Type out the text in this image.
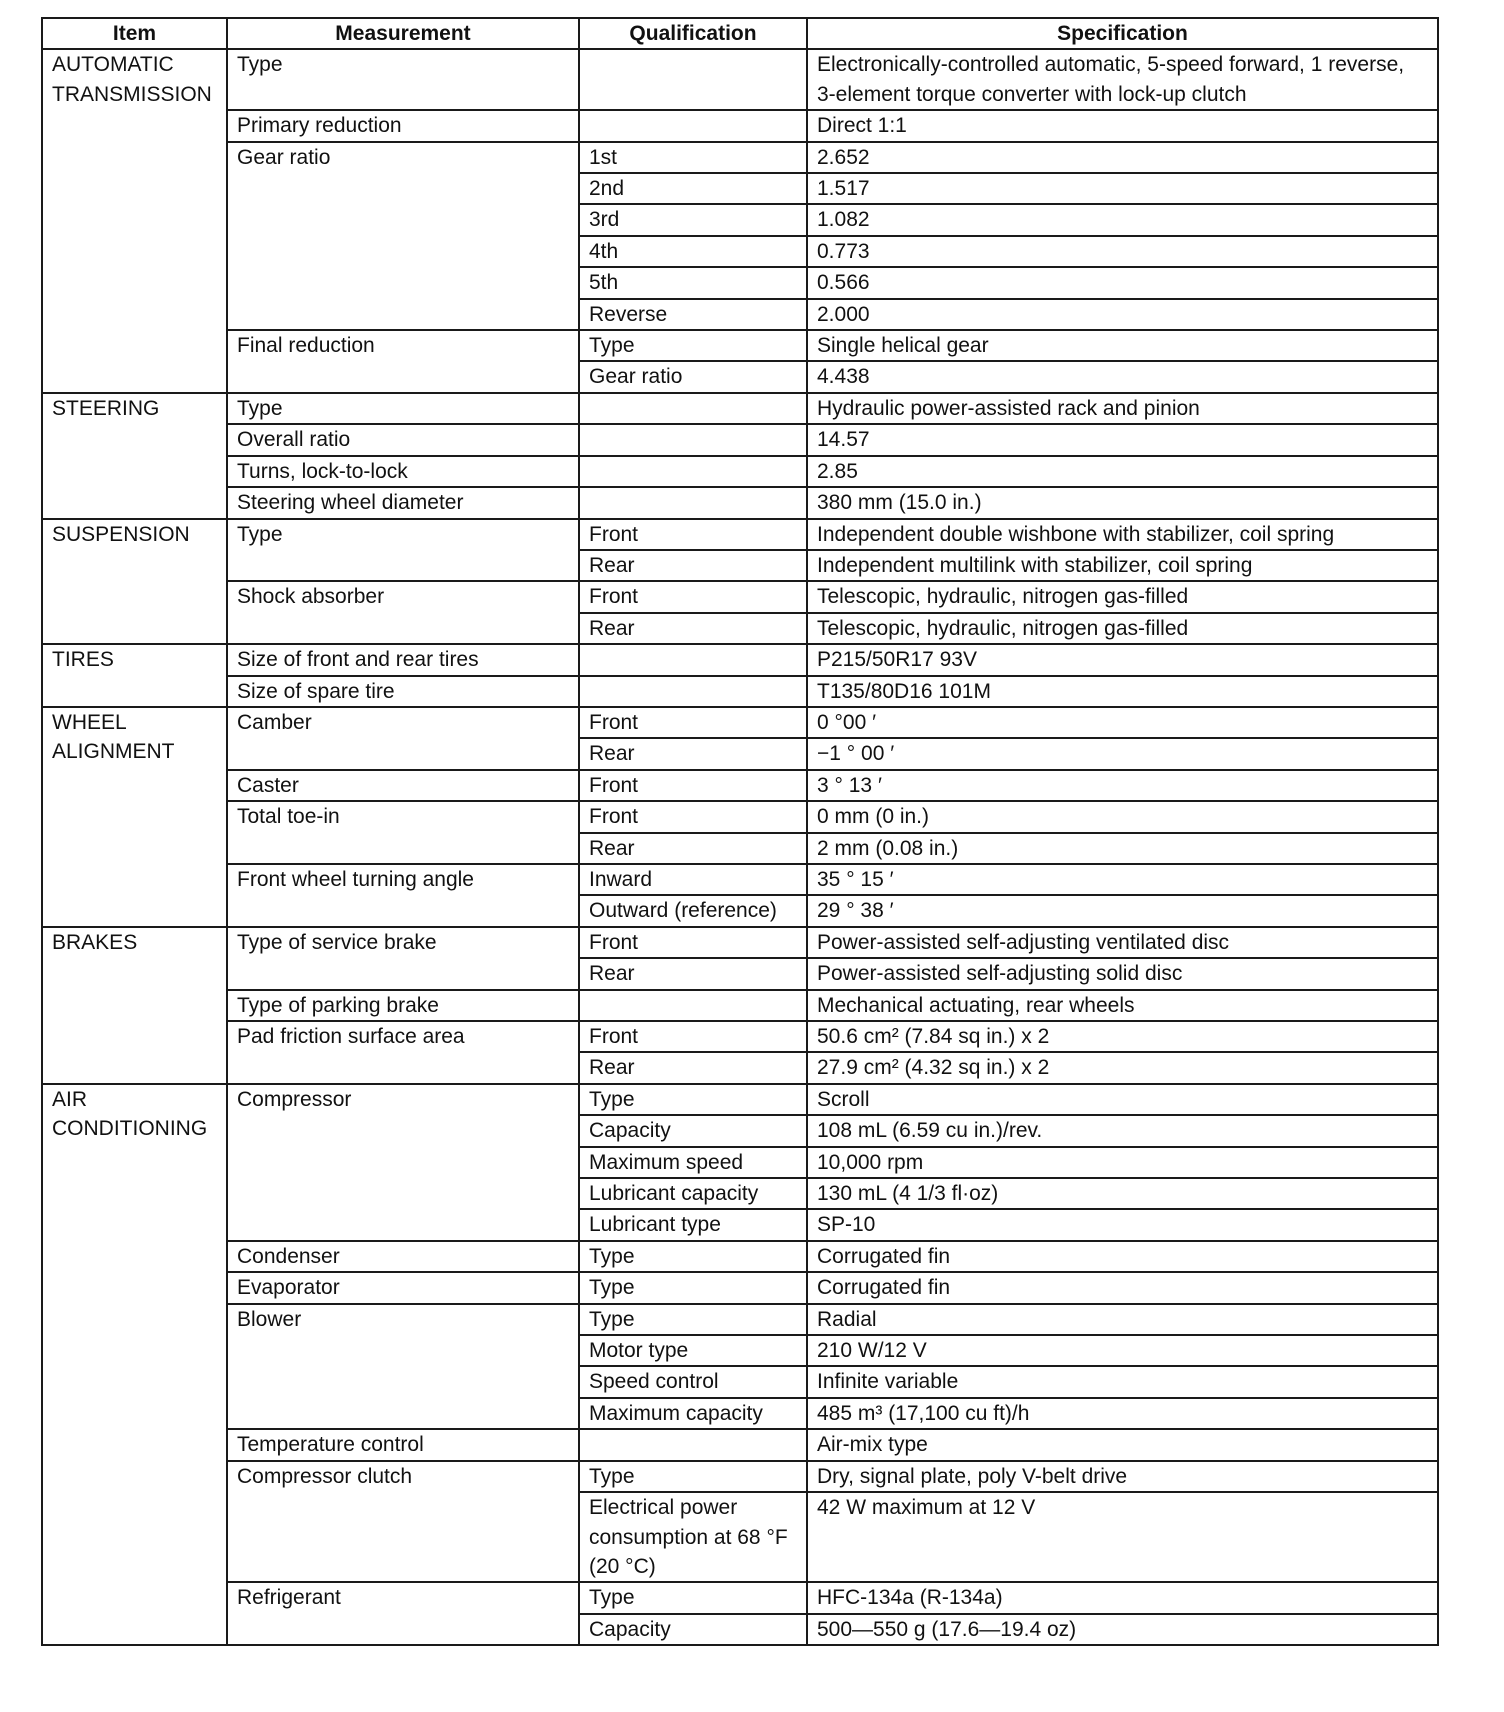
Item	Measurement	Qualification	Specification
AUTOMATIC
TRANSMISSION	Type		Electronically-controlled automatic, 5-speed forward, 1 reverse,
3-element torque converter with lock-up clutch
	Primary reduction		Direct 1:1
	Gear ratio	1st	2.652
		2nd	1.517
		3rd	1.082
		4th	0.773
		5th	0.566
		Reverse	2.000
	Final reduction	Type	Single helical gear
		Gear ratio	4.438
STEERING	Type		Hydraulic power-assisted rack and pinion
	Overall ratio		14.57
	Turns, lock-to-lock		2.85
	Steering wheel diameter		380 mm (15.0 in.)
SUSPENSION	Type	Front	Independent double wishbone with stabilizer, coil spring
		Rear	Independent multilink with stabilizer, coil spring
	Shock absorber	Front	Telescopic, hydraulic, nitrogen gas-filled
		Rear	Telescopic, hydraulic, nitrogen gas-filled
TIRES	Size of front and rear tires		P215/50R17 93V
	Size of spare tire		T135/80D16 101M
WHEEL
ALIGNMENT	Camber	Front	0 °00 ′
		Rear	−1 ° 00 ′
	Caster	Front	3 ° 13 ′
	Total toe-in	Front	0 mm (0 in.)
		Rear	2 mm (0.08 in.)
	Front wheel turning angle	Inward	35 ° 15 ′
		Outward (reference)	29 ° 38 ′
BRAKES	Type of service brake	Front	Power-assisted self-adjusting ventilated disc
		Rear	Power-assisted self-adjusting solid disc
	Type of parking brake		Mechanical actuating, rear wheels
	Pad friction surface area	Front	50.6 cm² (7.84 sq in.) x 2
		Rear	27.9 cm² (4.32 sq in.) x 2
AIR
CONDITIONING	Compressor	Type	Scroll
		Capacity	108 mL (6.59 cu in.)/rev.
		Maximum speed	10,000 rpm
		Lubricant capacity	130 mL (4 1/3 fl·oz)
		Lubricant type	SP-10
	Condenser	Type	Corrugated fin
	Evaporator	Type	Corrugated fin
	Blower	Type	Radial
		Motor type	210 W/12 V
		Speed control	Infinite variable
		Maximum capacity	485 m³ (17,100 cu ft)/h
	Temperature control		Air-mix type
	Compressor clutch	Type	Dry, signal plate, poly V-belt drive
		Electrical power
consumption at 68 °F
(20 °C)	42 W maximum at 12 V
	Refrigerant	Type	HFC-134a (R-134a)
		Capacity	500—550 g (17.6—19.4 oz)
